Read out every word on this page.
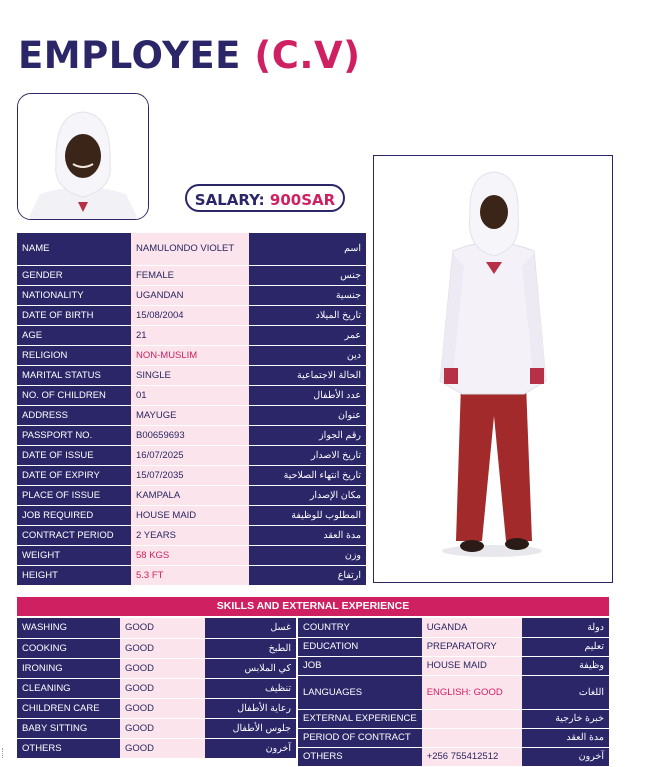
EMPLOYEE (C.V)
SALARY: 900SAR
NAME	NAMULONDO VIOLET	اسم
GENDER	FEMALE	جنس
NATIONALITY	UGANDAN	جنسية
DATE OF BIRTH	15/08/2004	تاريخ الميلاد
AGE	21	عمر
RELIGION	NON-MUSLIM	دين
MARITAL STATUS	SINGLE	الحالة الاجتماعية
NO. OF CHILDREN	01	عدد الأطفال
ADDRESS	MAYUGE	عنوان
PASSPORT NO.	B00659693	رقم الجواز
DATE OF ISSUE	16/07/2025	تاريخ الاصدار
DATE OF EXPIRY	15/07/2035	تاريخ انتهاء الصلاحية
PLACE OF ISSUE	KAMPALA	مكان الإصدار
JOB REQUIRED	HOUSE MAID	المطلوب للوظيفة
CONTRACT PERIOD	2 YEARS	مدة العقد
WEIGHT	58 KGS	وزن
HEIGHT	5.3 FT	ارتفاع
SKILLS AND EXTERNAL EXPERIENCE
WASHING	GOOD	غسل
COOKING	GOOD	الطبخ
IRONING	GOOD	كي الملابس
CLEANING	GOOD	تنظيف
CHILDREN CARE	GOOD	رعاية الأطفال
BABY SITTING	GOOD	جلوس الأطفال
OTHERS	GOOD	آخرون
COUNTRY	UGANDA	دولة
EDUCATION	PREPARATORY	تعليم
JOB	HOUSE MAID	وظيفة
LANGUAGES	ENGLISH: GOOD	اللغات
EXTERNAL EXPERIENCE		خبرة خارجية
PERIOD OF CONTRACT		مدة العقد
OTHERS	+256 755412512	آخرون
